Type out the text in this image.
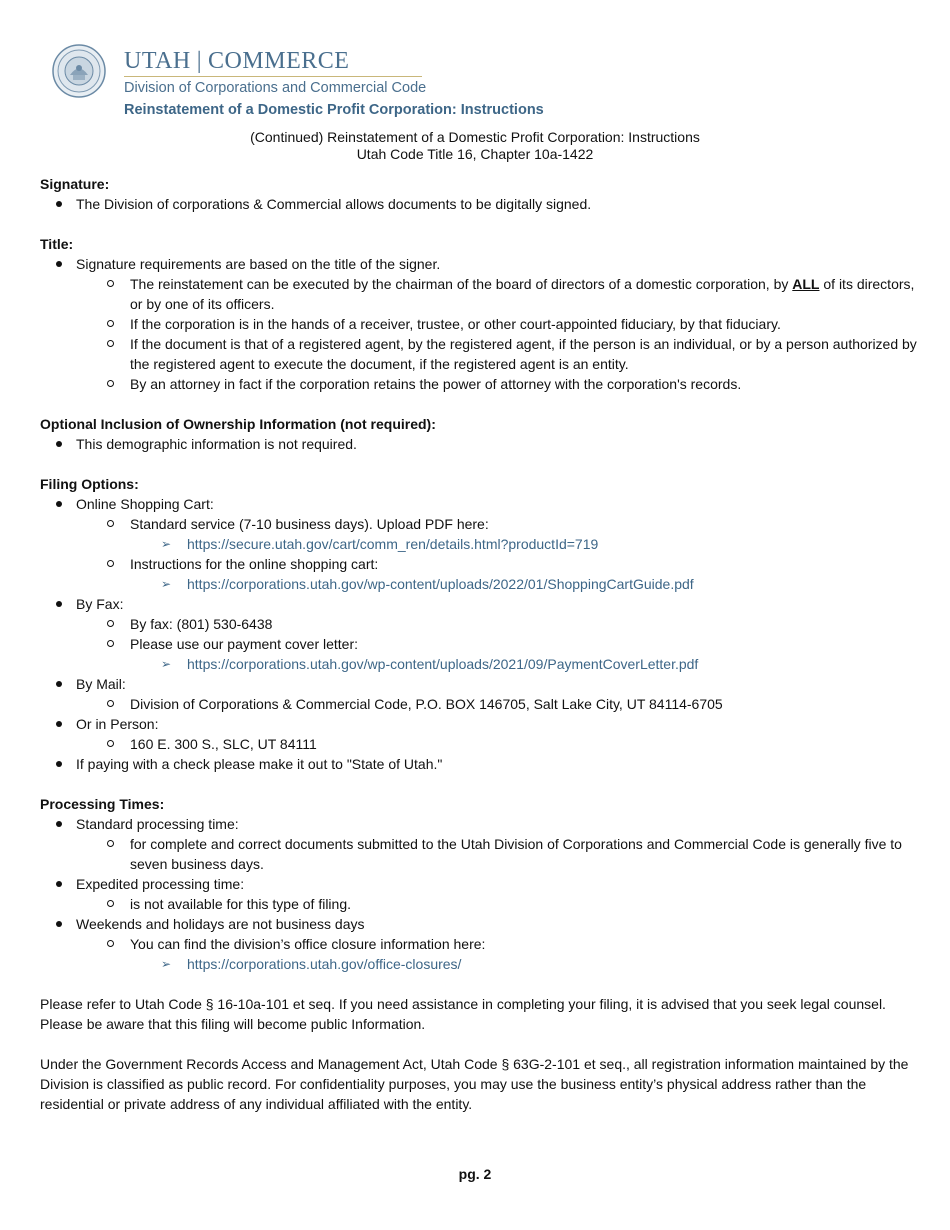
UTAH | COMMERCE
Division of Corporations and Commercial Code
Reinstatement of a Domestic Profit Corporation: Instructions
(Continued) Reinstatement of a Domestic Profit Corporation: Instructions
Utah Code Title 16, Chapter 10a-1422

Signature:

The Division of corporations & Commercial allows documents to be digitally signed.

Title:

Signature requirements are based on the title of the signer.
The reinstatement can be executed by the chairman of the board of directors of a domestic corporation, by ALL of its directors, or by one of its officers.
If the corporation is in the hands of a receiver, trustee, or other court-appointed fiduciary, by that fiduciary.
If the document is that of a registered agent, by the registered agent, if the person is an individual, or by a person authorized by the registered agent to execute the document, if the registered agent is an entity.
By an attorney in fact if the corporation retains the power of attorney with the corporation's records.

Optional Inclusion of Ownership Information (not required):

This demographic information is not required.

Filing Options:

Online Shopping Cart:
Standard service (7-10 business days). Upload PDF here:
➢ https://secure.utah.gov/cart/comm_ren/details.html?productId=719
Instructions for the online shopping cart:
➢ https://corporations.utah.gov/wp-content/uploads/2022/01/ShoppingCartGuide.pdf
By Fax:
By fax: (801) 530-6438
Please use our payment cover letter:
➢ https://corporations.utah.gov/wp-content/uploads/2021/09/PaymentCoverLetter.pdf
By Mail:
Division of Corporations & Commercial Code, P.O. BOX 146705, Salt Lake City, UT 84114-6705
Or in Person:
160 E. 300 S., SLC, UT 84111
If paying with a check please make it out to "State of Utah."

Processing Times:

Standard processing time:
for complete and correct documents submitted to the Utah Division of Corporations and Commercial Code is generally five to seven business days.
Expedited processing time:
is not available for this type of filing.
Weekends and holidays are not business days
You can find the division’s office closure information here:
➢ https://corporations.utah.gov/office-closures/

Please refer to Utah Code § 16-10a-101 et seq. If you need assistance in completing your filing, it is advised that you seek legal counsel. Please be aware that this filing will become public Information.

Under the Government Records Access and Management Act, Utah Code § 63G-2-101 et seq., all registration information maintained by the Division is classified as public record. For confidentiality purposes, you may use the business entity’s physical address rather than the residential or private address of any individual affiliated with the entity.

pg. 2
